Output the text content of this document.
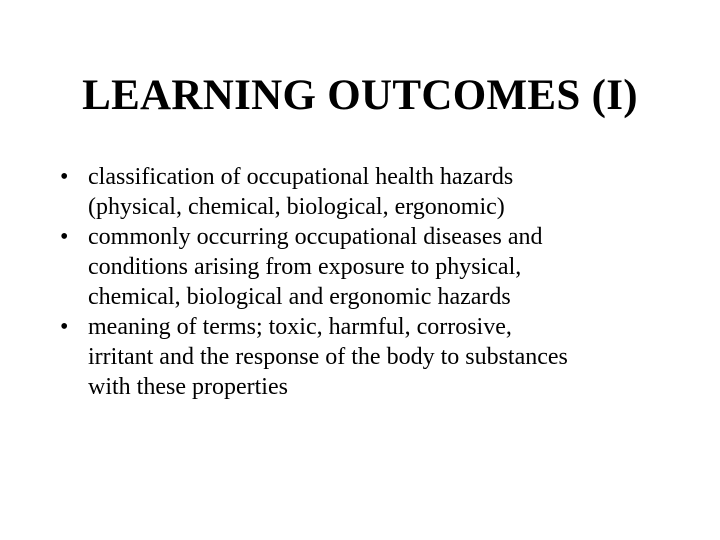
LEARNING OUTCOMES (I)
• classification of occupational health hazards
(physical, chemical, biological, ergonomic)
• commonly occurring occupational diseases and
conditions arising from exposure to physical,
chemical, biological and ergonomic hazards
• meaning of terms; toxic, harmful, corrosive,
irritant and the response of the body to substances
with these properties
